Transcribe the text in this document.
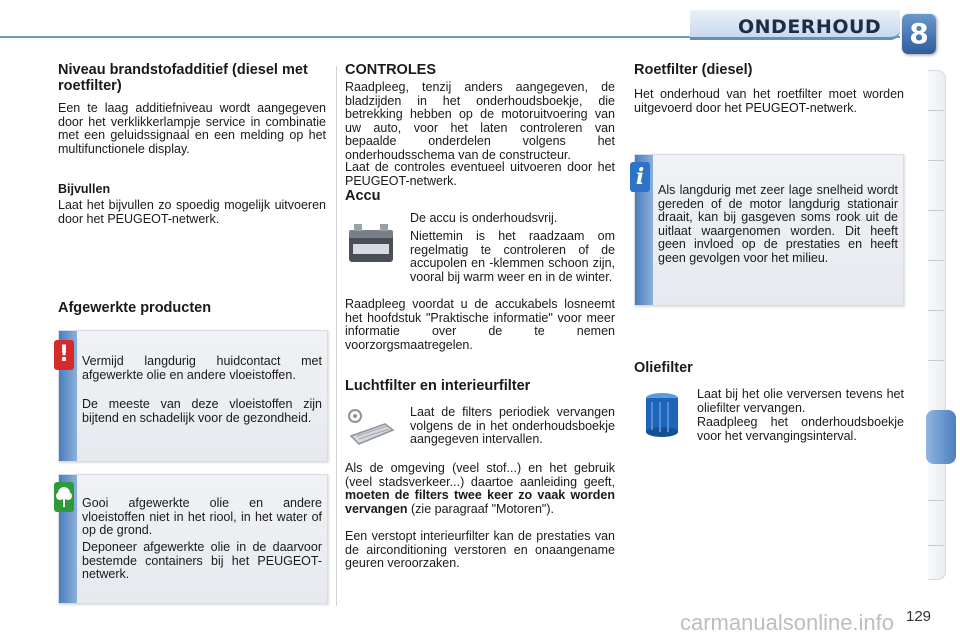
ONDERHOUD 8
Niveau brandstofadditief (diesel met roetfilter)
Een te laag additiefniveau wordt aangegeven door het verklikkerlampje service in combinatie met een geluidssignaal en een melding op het multifunctionele display.
Bijvullen
Laat het bijvullen zo spoedig mogelijk uitvoeren door het PEUGEOT-netwerk.
Afgewerkte producten
!	Vermijd langdurig huidcontact met afgewerkte olie en andere vloeistoffen.
De meeste van deze vloeistoffen zijn bijtend en schadelijk voor de gezondheid.
Gooi afgewerkte olie en andere vloeistoffen niet in het riool, in het water of op de grond.
Deponeer afgewerkte olie in de daarvoor bestemde containers bij het PEUGEOT-netwerk.
CONTROLES
Raadpleeg, tenzij anders aangegeven, de bladzijden in het onderhoudsboekje, die betrekking hebben op de motoruitvoering van uw auto, voor het laten controleren van bepaalde onderdelen volgens het onderhoudsschema van de constructeur.
Laat de controles eventueel uitvoeren door het PEUGEOT-netwerk.
Accu
De accu is onderhoudsvrij.
Niettemin is het raadzaam om regelmatig te controleren of de accupolen en -klemmen schoon zijn, vooral bij warm weer en in de winter.
Raadpleeg voordat u de accukabels losneemt het hoofdstuk "Praktische informatie" voor meer informatie over de te nemen voorzorgsmaatregelen.
Luchtfilter en interieurfilter
Laat de filters periodiek vervangen volgens de in het onderhoudsboekje aangegeven intervallen.
Als de omgeving (veel stof...) en het gebruik (veel stadsverkeer...) daartoe aanleiding geeft, moeten de filters twee keer zo vaak worden vervangen (zie paragraaf "Motoren").
Een verstopt interieurfilter kan de prestaties van de airconditioning verstoren en onaangename geuren veroorzaken.
Roetfilter (diesel)
Het onderhoud van het roetfilter moet worden uitgevoerd door het PEUGEOT-netwerk.
i	Als langdurig met zeer lage snelheid wordt gereden of de motor langdurig stationair draait, kan bij gasgeven soms rook uit de uitlaat waargenomen worden. Dit heeft geen invloed op de prestaties en heeft geen gevolgen voor het milieu.
Oliefilter
Laat bij het olie verversen tevens het oliefilter vervangen.
Raadpleeg het onderhoudsboekje voor het vervangingsinterval.
carmanualsonline.info 129
